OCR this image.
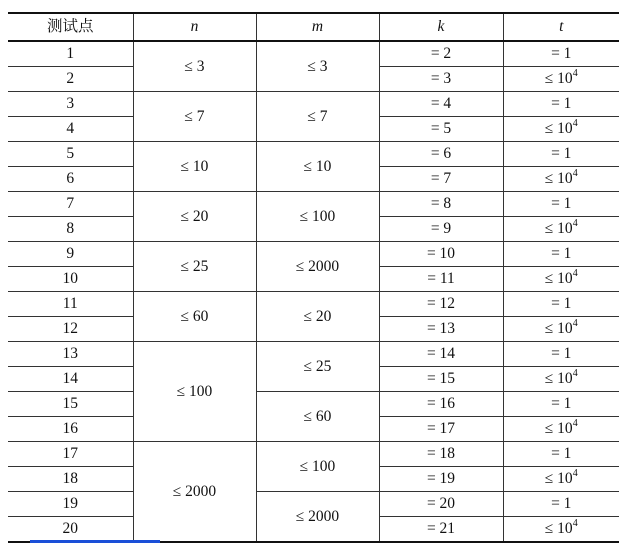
测试点	n	m	k	t
1	≤ 3	≤ 3	= 2	= 1
2			= 3	≤ $10^4$
3	≤ 7	≤ 7	= 4	= 1
4			= 5	≤ $10^4$
5	≤ 10	≤ 10	= 6	= 1
6			= 7	≤ $10^4$
7	≤ 20	≤ 100	= 8	= 1
8			= 9	≤ $10^4$
9	≤ 25	≤ 2000	= 10	= 1
10			= 11	≤ $10^4$
11	≤ 60	≤ 20	= 12	= 1
12			= 13	≤ $10^4$
13	≤ 100	≤ 25	= 14	= 1
14			= 15	≤ $10^4$
15		≤ 60	= 16	= 1
16			= 17	≤ $10^4$
17	≤ 2000	≤ 100	= 18	= 1
18			= 19	≤ $10^4$
19		≤ 2000	= 20	= 1
20			= 21	≤ $10^4$
